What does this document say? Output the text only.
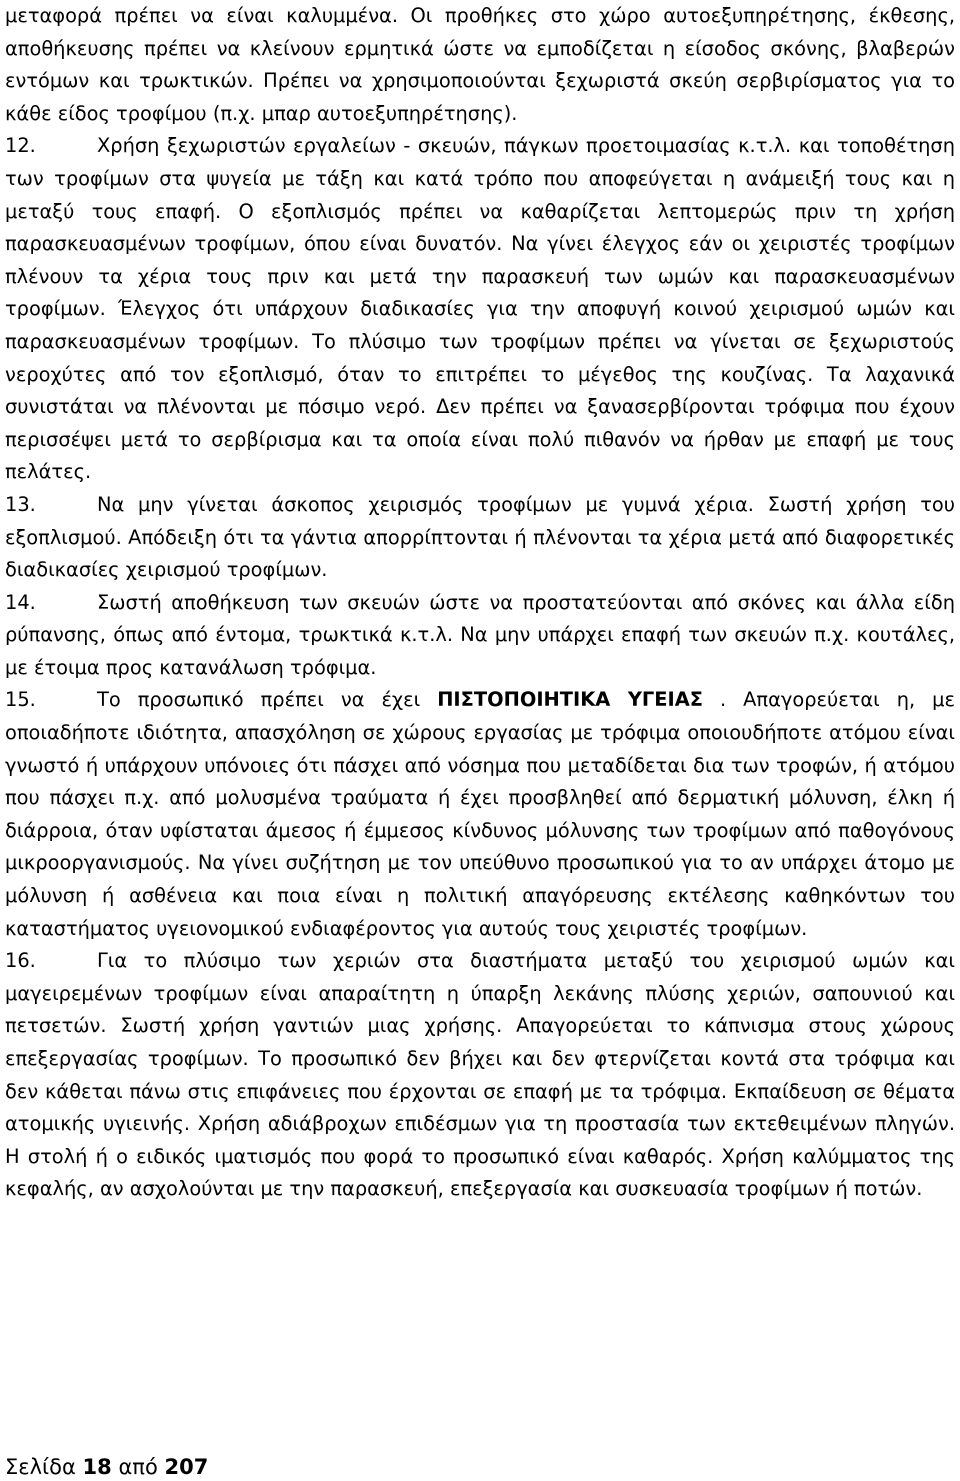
μεταφορά πρέπει να είναι καλυμμένα. Οι προθήκες στο χώρο αυτοεξυπηρέτησης, έκθεσης, αποθήκευσης πρέπει να κλείνουν ερμητικά ώστε να εμποδίζεται η είσοδος σκόνης, βλαβερών εντόμων και τρωκτικών. Πρέπει να χρησιμοποιούνται ξεχωριστά σκεύη σερβιρίσματος για το κάθε είδος τροφίμου (π.χ. μπαρ αυτοεξυπηρέτησης).

12.	Χρήση ξεχωριστών εργαλείων - σκευών, πάγκων προετοιμασίας κ.τ.λ. και τοποθέτηση των τροφίμων στα ψυγεία με τάξη και κατά τρόπο που αποφεύγεται η ανάμειξή τους και η μεταξύ τους επαφή. Ο εξοπλισμός πρέπει να καθαρίζεται λεπτομερώς πριν τη χρήση παρασκευασμένων τροφίμων, όπου είναι δυνατόν. Να γίνει έλεγχος εάν οι χειριστές τροφίμων πλένουν τα χέρια τους πριν και μετά την παρασκευή των ωμών και παρασκευασμένων τροφίμων. Έλεγχος ότι υπάρχουν διαδικασίες για την αποφυγή κοινού χειρισμού ωμών και παρασκευασμένων τροφίμων. Το πλύσιμο των τροφίμων πρέπει να γίνεται σε ξεχωριστούς νεροχύτες από τον εξοπλισμό, όταν το επιτρέπει το μέγεθος της κουζίνας. Τα λαχανικά συνιστάται να πλένονται με πόσιμο νερό. Δεν πρέπει να ξανασερβίρονται τρόφιμα που έχουν περισσέψει μετά το σερβίρισμα και τα οποία είναι πολύ πιθανόν να ήρθαν με επαφή με τους πελάτες.

13.	Να μην γίνεται άσκοπος χειρισμός τροφίμων με γυμνά χέρια. Σωστή χρήση του εξοπλισμού. Απόδειξη ότι τα γάντια απορρίπτονται ή πλένονται τα χέρια μετά από διαφορετικές διαδικασίες χειρισμού τροφίμων.

14.	Σωστή αποθήκευση των σκευών ώστε να προστατεύονται από σκόνες και άλλα είδη ρύπανσης, όπως από έντομα, τρωκτικά κ.τ.λ. Να μην υπάρχει επαφή των σκευών π.χ. κουτάλες, με έτοιμα προς κατανάλωση τρόφιμα.

15.	Το προσωπικό πρέπει να έχει ΠΙΣΤΟΠΟΙΗΤΙΚΑ ΥΓΕΙΑΣ . Απαγορεύεται η, με οποιαδήποτε ιδιότητα, απασχόληση σε χώρους εργασίας με τρόφιμα οποιουδήποτε ατόμου είναι γνωστό ή υπάρχουν υπόνοιες ότι πάσχει από νόσημα που μεταδίδεται δια των τροφών, ή ατόμου που πάσχει π.χ. από μολυσμένα τραύματα ή έχει προσβληθεί από δερματική μόλυνση, έλκη ή διάρροια, όταν υφίσταται άμεσος ή έμμεσος κίνδυνος μόλυνσης των τροφίμων από παθογόνους μικροοργανισμούς. Να γίνει συζήτηση με τον υπεύθυνο προσωπικού για το αν υπάρχει άτομο με μόλυνση ή ασθένεια και ποια είναι η πολιτική απαγόρευσης εκτέλεσης καθηκόντων του καταστήματος υγειονομικού ενδιαφέροντος για αυτούς τους χειριστές τροφίμων.

16.	Για το πλύσιμο των χεριών στα διαστήματα μεταξύ του χειρισμού ωμών και μαγειρεμένων τροφίμων είναι απαραίτητη η ύπαρξη λεκάνης πλύσης χεριών, σαπουνιού και πετσετών. Σωστή χρήση γαντιών μιας χρήσης. Απαγορεύεται το κάπνισμα στους χώρους επεξεργασίας τροφίμων. Το προσωπικό δεν βήχει και δεν φτερνίζεται κοντά στα τρόφιμα και δεν κάθεται πάνω στις επιφάνειες που έρχονται σε επαφή με τα τρόφιμα. Εκπαίδευση σε θέματα ατομικής υγιεινής. Χρήση αδιάβροχων επιδέσμων για τη προστασία των εκτεθειμένων πληγών. Η στολή ή ο ειδικός ιματισμός που φορά το προσωπικό είναι καθαρός. Χρήση καλύμματος της κεφαλής, αν ασχολούνται με την παρασκευή, επεξεργασία και συσκευασία τροφίμων ή ποτών.

Σελίδα 18 από 207
